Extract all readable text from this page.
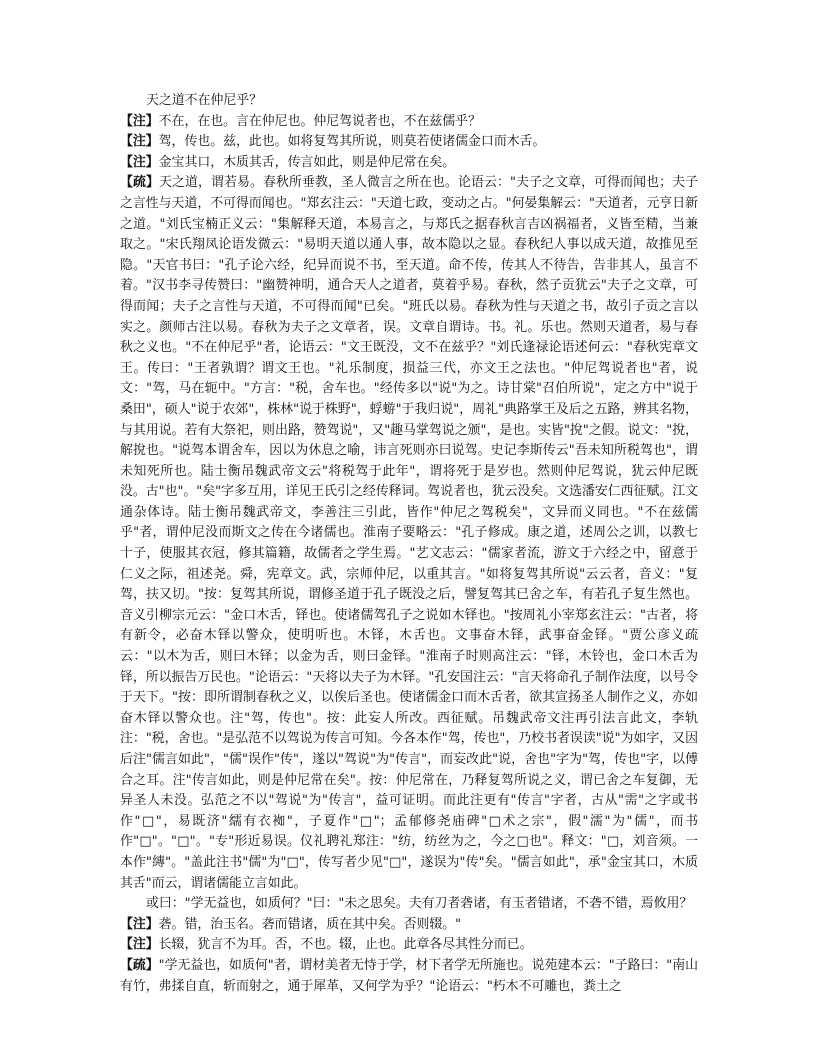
天之道不在仲尼乎？

【注】不在，在也。言在仲尼也。仲尼驾说者也，不在兹儒乎？

【注】驾，传也。兹，此也。如将复驾其所说，则莫若使诸儒金口而木舌。

【注】金宝其口，木质其舌，传言如此，则是仲尼常在矣。

【疏】天之道，谓若易。春秋所垂教，圣人微言之所在也。论语云："夫子之文章，可得而闻也；夫子之言性与天道，不可得而闻也。"郑玄注云："天道七政，变动之占。"何晏集解云："天道者，元亨日新之道。"刘氏宝楠正义云："集解释天道，本易言之，与郑氏之据春秋言吉凶祸福者，义皆至精，当兼取之。"宋氏翔凤论语发微云："易明天道以通人事，故本隐以之显。春秋纪人事以成天道，故推见至隐。"天官书曰："孔子论六经，纪异而说不书，至天道。命不传，传其人不待告，告非其人，虽言不着。"汉书李寻传赞曰："幽赞神明，通合天人之道者，莫着乎易。春秋，然子贡犹云"夫子之文章，可得而闻；夫子之言性与天道，不可得而闻"已矣。"班氏以易。春秋为性与天道之书，故引子贡之言以实之。颜师古注以易。春秋为夫子之文章者，误。文章自谓诗。书。礼。乐也。然则天道者，易与春秋之义也。"不在仲尼乎"者，论语云："文王既没，文不在兹乎？"刘氏逢禄论语述何云："春秋宪章文王。传曰："王者孰谓？谓文王也。"礼乐制度，损益三代，亦文王之法也。"仲尼驾说者也"者，说文："驾，马在轭中。"方言："税，舍车也。"经传多以"说"为之。诗甘棠"召伯所说"，定之方中"说于桑田"，硕人"说于农郊"，株林"说于株野"，蜉蝣"于我归说"，周礼"典路掌王及后之五路，辨其名物，与其用说。若有大祭祀，则出路，赞驾说"，又"趣马掌驾说之颁"，是也。实皆"挩"之假。说文："挩，解挩也。"说驾本谓舍车，因以为休息之喻，讳言死则亦曰说驾。史记李斯传云"吾未知所税驾也"，谓未知死所也。陆士衡吊魏武帝文云"将税驾于此年"，谓将死于是岁也。然则仲尼驾说，犹云仲尼既没。古"也"。"矣"字多互用，详见王氏引之经传释词。驾说者也，犹云没矣。文选潘安仁西征赋。江文通杂体诗。陆士衡吊魏武帝文，李善注三引此，皆作"仲尼之驾税矣"，文异而义同也。"不在兹儒乎"者，谓仲尼没而斯文之传在今诸儒也。淮南子要略云："孔子修成。康之道，述周公之训，以教七十子，使服其衣冠，修其篇籍，故儒者之学生焉。"艺文志云："儒家者流，游文于六经之中，留意于仁义之际，祖述尧。舜，宪章文。武，宗师仲尼，以重其言。"如将复驾其所说"云云者，音义："复驾，扶又切。"按：复驾其所说，谓修圣道于孔子既没之后，譬复驾其已舍之车，有若孔子复生然也。音义引柳宗元云："金口木舌，铎也。使诸儒驾孔子之说如木铎也。"按周礼小宰郑玄注云："古者，将有新令，必奋木铎以警众，使明听也。木铎，木舌也。文事奋木铎，武事奋金铎。"贾公彦义疏云："以木为舌，则曰木铎；以金为舌，则曰金铎。"淮南子时则高注云："铎，木铃也，金口木舌为铎，所以振告万民也。"论语云："天将以夫子为木铎。"孔安国注云："言天将命孔子制作法度，以号令于天下。"按：即所谓制春秋之义，以俟后圣也。使诸儒金口而木舌者，欲其宣扬圣人制作之义，亦如奋木铎以警众也。注"驾，传也"。按：此妄人所改。西征赋。吊魏武帝文注再引法言此文，李轨注："税，舍也。"是弘范不以驾说为传言可知。今各本作"驾，传也"，乃校书者误读"说"为如字，又因后注"儒言如此"，"儒"误作"传"，遂以"驾说"为"传言"，而妄改此"说，舍也"字为"驾，传也"字，以傅合之耳。注"传言如此，则是仲尼常在矣"。按：仲尼常在，乃释复驾所说之义，谓已舍之车复御，无异圣人未没。弘范之不以"驾说"为"传言"，益可证明。而此注更有"传言"字者，古从"需"之字或书作"□"，易既济"繻有衣袽"，子夏作"□"；孟郁修尧庙碑"□术之宗"，假"濡"为"儒"，而书作"□"。"□"。"专"形近易误。仪礼聘礼郑注："纺，纺丝为之，今之□也"。释文："□，刘音须。一本作"縳"。"盖此注书"儒"为"□"，传写者少见"□"，遂误为"传"矣。"儒言如此"，承"金宝其口，木质其舌"而云，谓诸儒能立言如此。

或曰："学无益也，如质何？"曰："未之思矣。夫有刀者砻诸，有玉者错诸，不砻不错，焉攸用？

【注】砻。错，治玉名。砻而错诸，质在其中矣。否则辍。"

【注】长辍，犹言不为耳。否，不也。辍，止也。此章各尽其性分而已。

【疏】"学无益也，如质何"者，谓材美者无恃于学，材下者学无所施也。说苑建本云："子路曰："南山有竹，弗揉自直，斩而射之，通于犀革，又何学为乎？"论语云："朽木不可雕也，粪土之
